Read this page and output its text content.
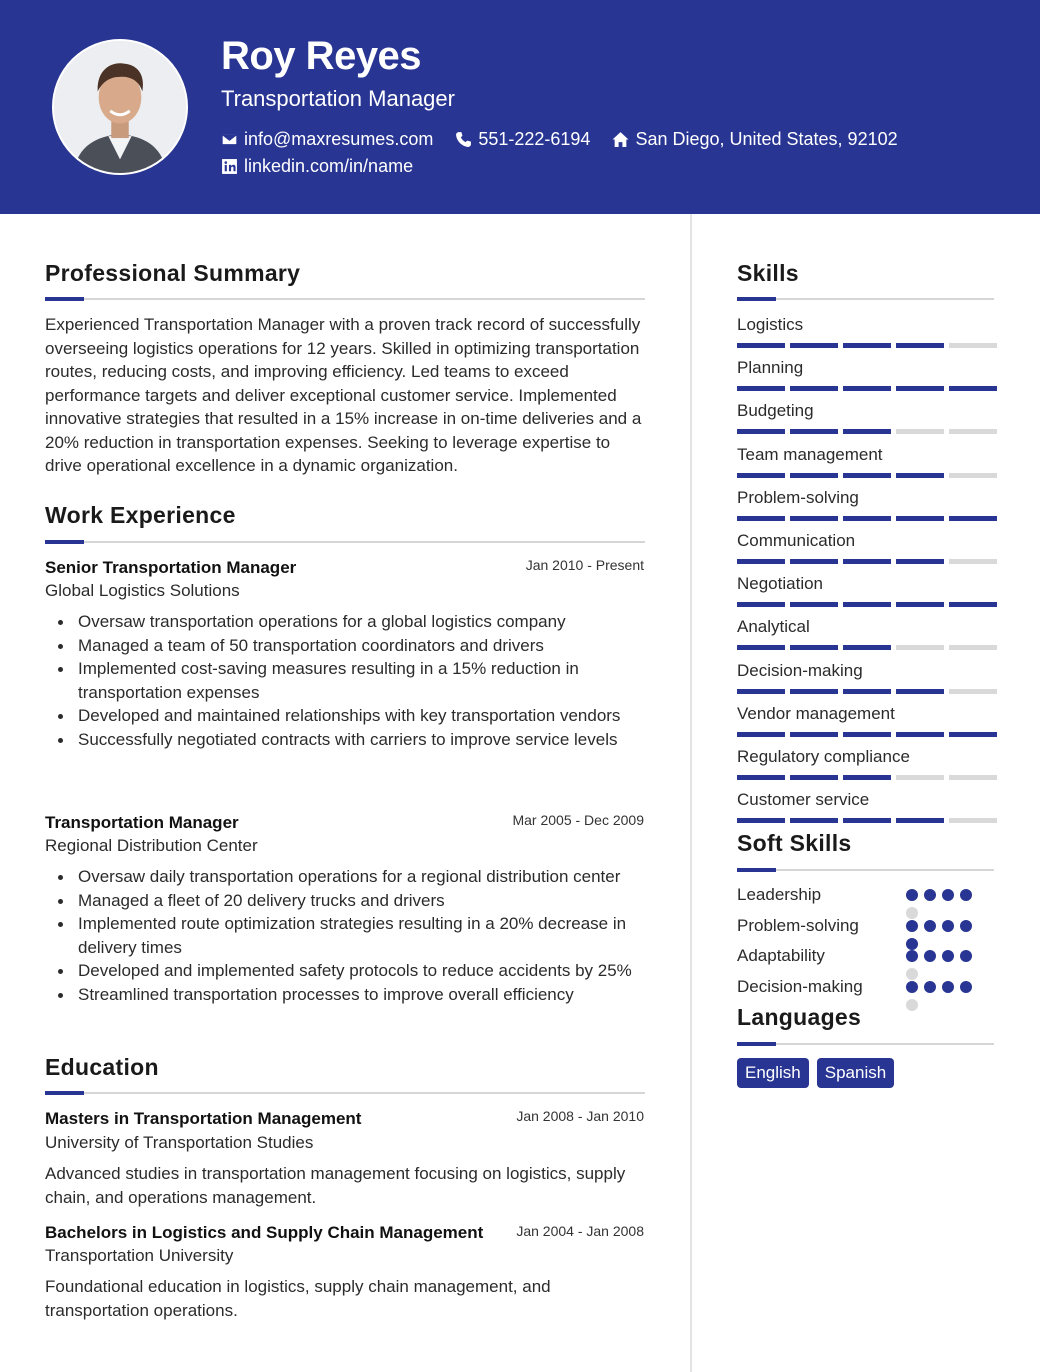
Roy Reyes
Transportation Manager
info@maxresumes.com	551-222-6194	San Diego, United States, 92102
linkedin.com/in/name
Professional Summary
Experienced Transportation Manager with a proven track record of successfully overseeing logistics operations for 12 years. Skilled in optimizing transportation routes, reducing costs, and improving efficiency. Led teams to exceed performance targets and deliver exceptional customer service. Implemented innovative strategies that resulted in a 15% increase in on-time deliveries and a 20% reduction in transportation expenses. Seeking to leverage expertise to drive operational excellence in a dynamic organization.
Work Experience
Senior Transportation Manager	Jan 2010 - Present
Global Logistics Solutions
Oversaw transportation operations for a global logistics company
Managed a team of 50 transportation coordinators and drivers
Implemented cost-saving measures resulting in a 15% reduction in transportation expenses
Developed and maintained relationships with key transportation vendors
Successfully negotiated contracts with carriers to improve service levels
Transportation Manager	Mar 2005 - Dec 2009
Regional Distribution Center
Oversaw daily transportation operations for a regional distribution center
Managed a fleet of 20 delivery trucks and drivers
Implemented route optimization strategies resulting in a 20% decrease in delivery times
Developed and implemented safety protocols to reduce accidents by 25%
Streamlined transportation processes to improve overall efficiency
Education
Masters in Transportation Management	Jan 2008 - Jan 2010
University of Transportation Studies
Advanced studies in transportation management focusing on logistics, supply chain, and operations management.
Bachelors in Logistics and Supply Chain Management Jan 2004 - Jan 2008
Transportation University
Foundational education in logistics, supply chain management, and transportation operations.
Skills
Logistics
Planning
Budgeting
Team management
Problem-solving
Communication
Negotiation
Analytical
Decision-making
Vendor management
Regulatory compliance
Customer service
Soft Skills
Leadership
Problem-solving
Adaptability
Decision-making
Languages
English	Spanish
